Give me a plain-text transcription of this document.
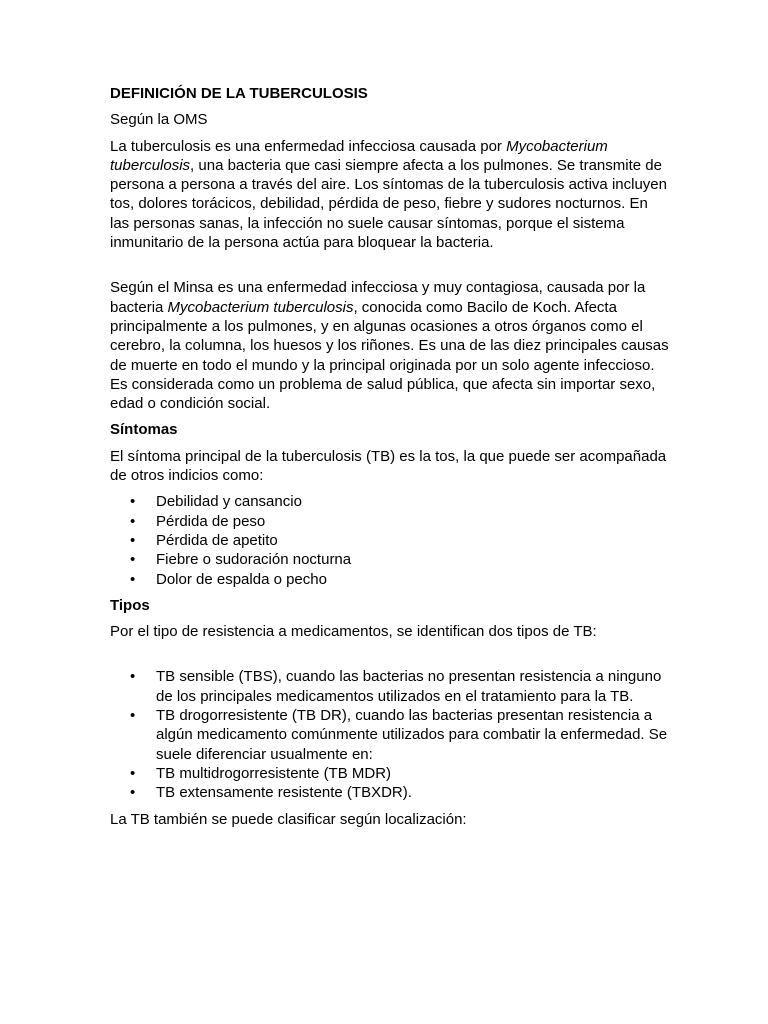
DEFINICIÓN DE LA TUBERCULOSIS

Según la OMS

La tuberculosis es una enfermedad infecciosa causada por Mycobacterium tuberculosis, una bacteria que casi siempre afecta a los pulmones. Se transmite de persona a persona a través del aire. Los síntomas de la tuberculosis activa incluyen tos, dolores torácicos, debilidad, pérdida de peso, fiebre y sudores nocturnos. En las personas sanas, la infección no suele causar síntomas, porque el sistema inmunitario de la persona actúa para bloquear la bacteria.

Según el Minsa es una enfermedad infecciosa y muy contagiosa, causada por la bacteria Mycobacterium tuberculosis, conocida como Bacilo de Koch. Afecta principalmente a los pulmones, y en algunas ocasiones a otros órganos como el cerebro, la columna, los huesos y los riñones. Es una de las diez principales causas de muerte en todo el mundo y la principal originada por un solo agente infeccioso. Es considerada como un problema de salud pública, que afecta sin importar sexo, edad o condición social.

Síntomas

El síntoma principal de la tuberculosis (TB) es la tos, la que puede ser acompañada de otros indicios como:

• Debilidad y cansancio
• Pérdida de peso
• Pérdida de apetito
• Fiebre o sudoración nocturna
• Dolor de espalda o pecho
Tipos

Por el tipo de resistencia a medicamentos, se identifican dos tipos de TB:

• TB sensible (TBS), cuando las bacterias no presentan resistencia a ninguno de los principales medicamentos utilizados en el tratamiento para la TB.
• TB drogorresistente (TB DR), cuando las bacterias presentan resistencia a algún medicamento comúnmente utilizados para combatir la enfermedad. Se suele diferenciar usualmente en:
• TB multidrogorresistente (TB MDR)
• TB extensamente resistente (TBXDR).

La TB también se puede clasificar según localización:
